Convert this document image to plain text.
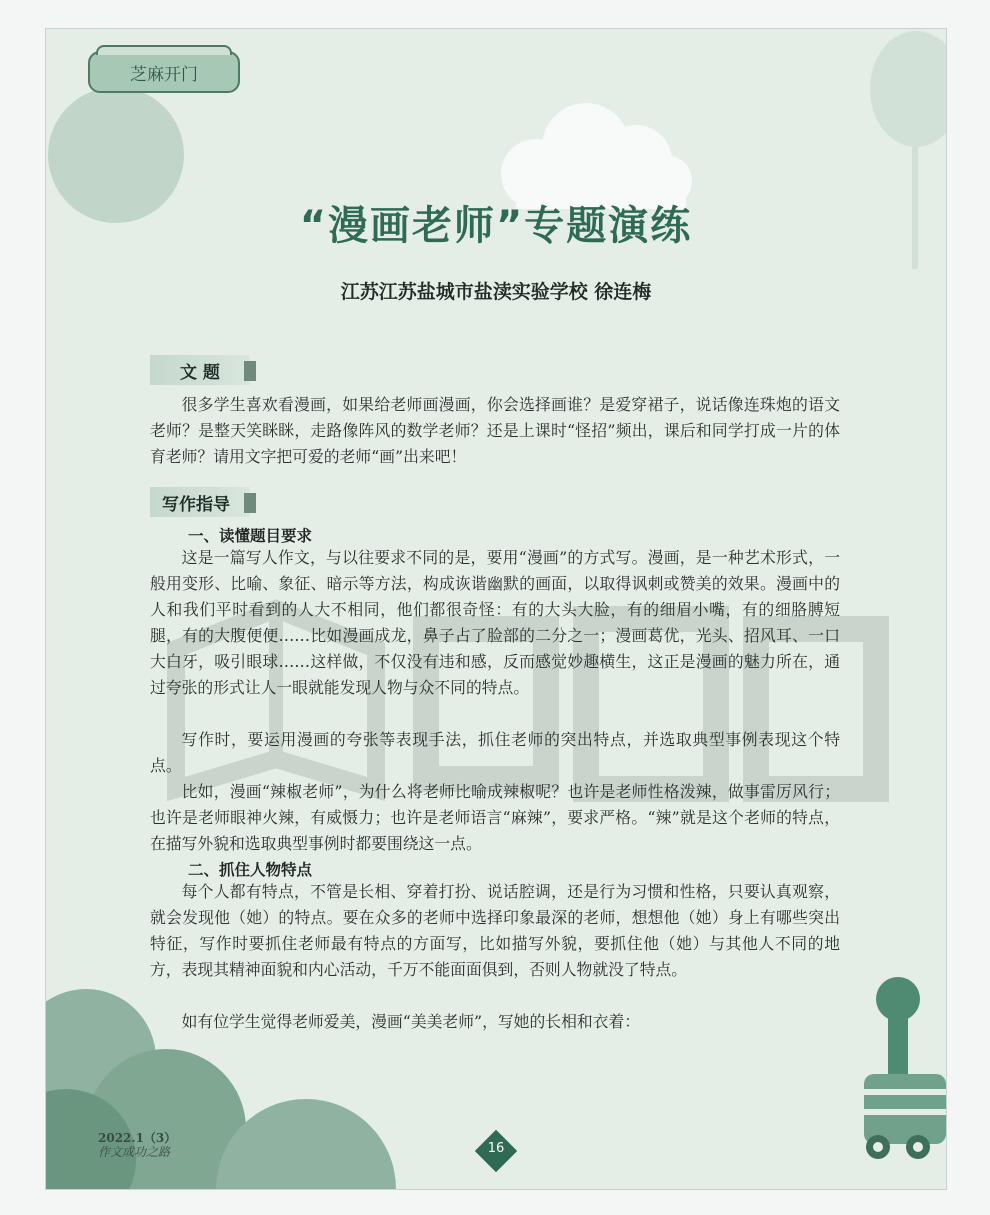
芝麻开门
“漫画老师”专题演练
江苏江苏盐城市盐渎实验学校 徐连梅
文 题

很多学生喜欢看漫画，如果给老师画漫画，你会选择画谁？是爱穿裙子，说话像连珠炮的语文老师？是整天笑眯眯，走路像阵风的数学老师？还是上课时“怪招”频出，课后和同学打成一片的体育老师？请用文字把可爱的老师“画”出来吧！

写作指导
一、读懂题目要求

这是一篇写人作文，与以往要求不同的是，要用“漫画”的方式写。漫画，是一种艺术形式，一般用变形、比喻、象征、暗示等方法，构成诙谐幽默的画面，以取得讽刺或赞美的效果。漫画中的人和我们平时看到的人大不相同，他们都很奇怪：有的大头大脸，有的细眉小嘴，有的细胳膊短腿，有的大腹便便……比如漫画成龙，鼻子占了脸部的二分之一；漫画葛优，光头、招风耳、一口大白牙，吸引眼球……这样做，不仅没有违和感，反而感觉妙趣横生，这正是漫画的魅力所在，通过夸张的形式让人一眼就能发现人物与众不同的特点。

写作时，要运用漫画的夸张等表现手法，抓住老师的突出特点，并选取典型事例表现这个特点。

比如，漫画“辣椒老师”，为什么将老师比喻成辣椒呢？也许是老师性格泼辣，做事雷厉风行；也许是老师眼神火辣，有威慑力；也许是老师语言“麻辣”，要求严格。“辣”就是这个老师的特点，在描写外貌和选取典型事例时都要围绕这一点。

二、抓住人物特点

每个人都有特点，不管是长相、穿着打扮、说话腔调，还是行为习惯和性格，只要认真观察，就会发现他（她）的特点。要在众多的老师中选择印象最深的老师，想想他（她）身上有哪些突出特征，写作时要抓住老师最有特点的方面写，比如描写外貌，要抓住他（她）与其他人不同的地方，表现其精神面貌和内心活动，千万不能面面俱到，否则人物就没了特点。

如有位学生觉得老师爱美，漫画“美美老师”，写她的长相和衣着：

2022.1（3）
作文成功之路	16
